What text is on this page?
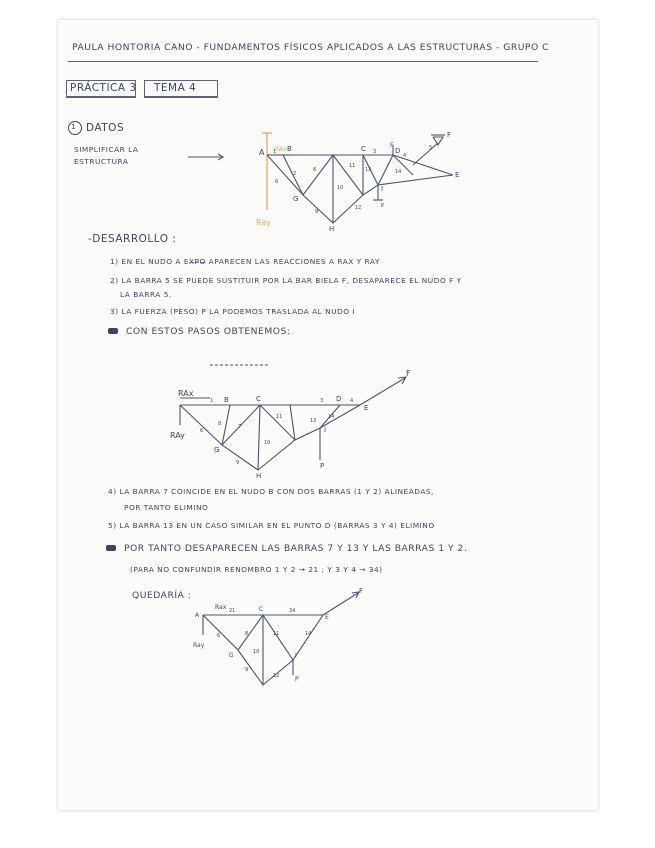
PAULA HONTORIA CANO - FUNDAMENTOS FÍSICOS APLICADOS A LAS ESTRUCTURAS - GRUPO C
PRÁCTICA 3 TEMA 4
1 DATOS
SIMPLIFICAR LA
ESTRUCTURA
Ray
RAx
A	B	C	D
E
F
G
H
I
F
1
2
3
4
5
6
8
9
10
11
12
13	14
P
-DESARROLLO :
1) EN EL NUDO A EX̶P̶O̶ APARECEN LAS REACCIONES A RAX Y RAY
2) LA BARRA 5 SE PUEDE SUSTITUIR POR LA BAR BIELA F, DESAPARECE EL NUDO F Y
LA BARRA 5.
3) LA FUERZA (PESO) P LA PODEMOS TRASLADA AL NUDO I
CON ESTOS PASOS OBTENEMOS:
RAx
RAy
F
B	C	D
E
G
H
I
P
1
8
3	4
6
7
9
10
11
13
14
4) LA BARRA 7 COINCIDE EN EL NUDO B CON DOS BARRAS (1 Y 2) ALINEADAS,
POR TANTO ELIMINO
5) LA BARRA 13 EN UN CASO SIMILAR EN EL PUNTO D (BARRAS 3 Y 4) ELIMINO
POR TANTO DESAPARECEN LAS BARRAS 7 Y 13 Y LAS BARRAS 1 Y 2.
(PARA NO CONFUNDIR RENOMBRO 1 Y 2 → 21 ; Y 3 Y 4 → 34)
QUEDARÍA :
A
Rax
Ray
F
C
E
G	I
P
21	34
6	8
9
10
11
12
14
